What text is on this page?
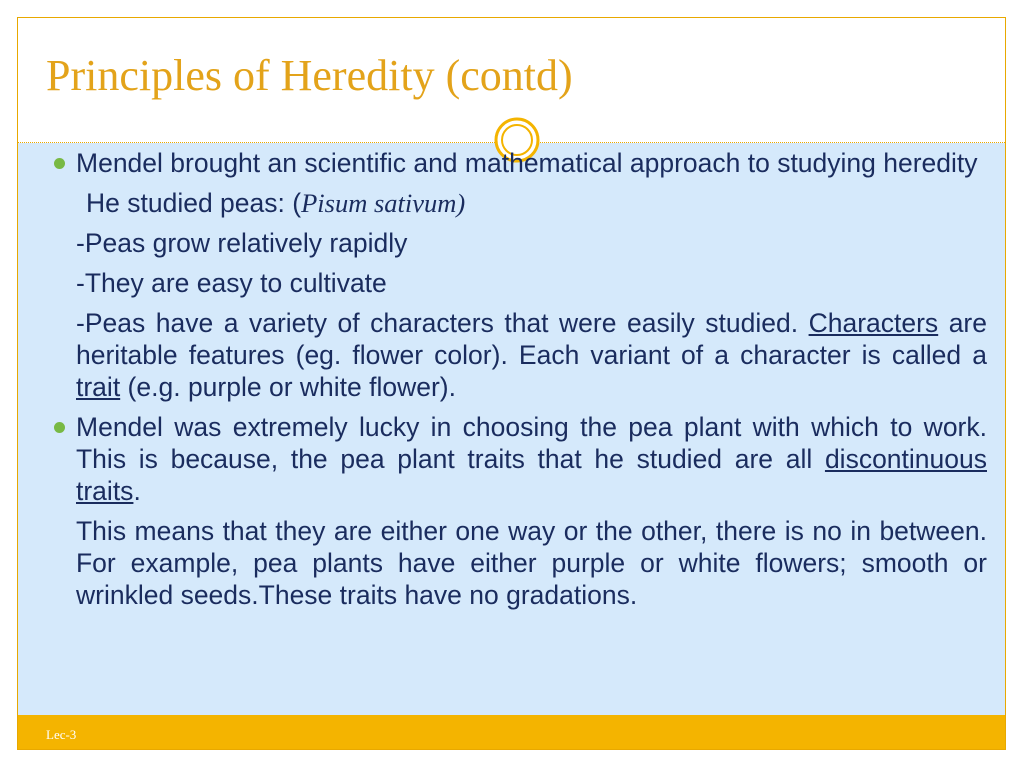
Principles of Heredity (contd)

Mendel brought an scientific and mathematical approach to studying heredity

He studied peas: (Pisum sativum)

-Peas grow relatively rapidly

-They are easy to cultivate

-Peas have a variety of characters that were easily studied. Characters are heritable features (eg. flower color). Each variant of a character is called a trait (e.g. purple or white flower).

Mendel was extremely lucky in choosing the pea plant with which to work. This is because, the pea plant traits that he studied are all discontinuous traits.

This means that they are either one way or the other, there is no in between. For example, pea plants have either purple or white flowers; smooth or wrinkled seeds.These traits have no gradations.

Lec-3
